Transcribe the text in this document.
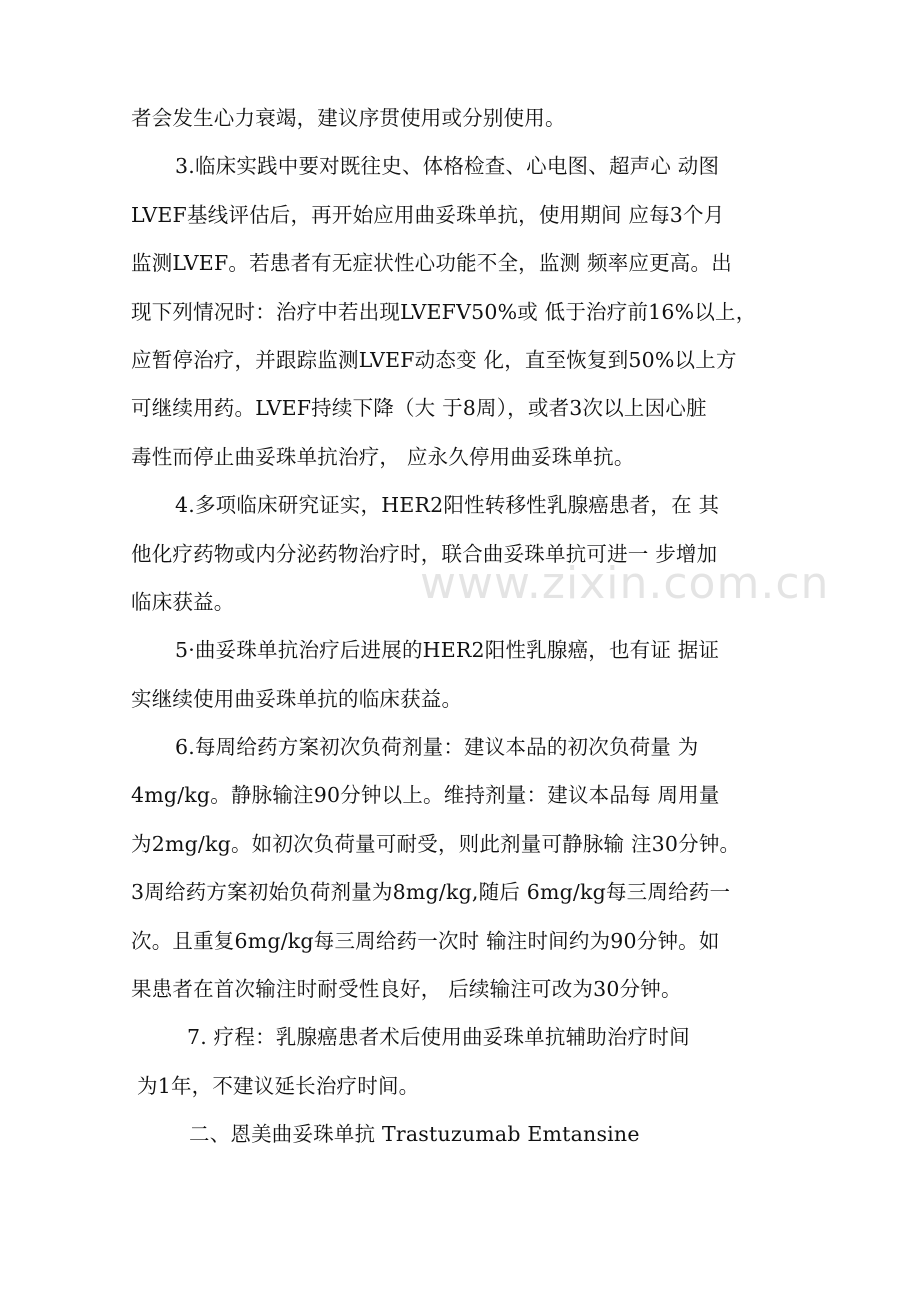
www.zixin.com.cn
者会发生心力衰竭，建议序贯使用或分别使用。
3.临床实践中要对既往史、体格检查、心电图、超声心 动图
LVEF基线评估后，再开始应用曲妥珠单抗，使用期间 应每3个月
监测LVEF。若患者有无症状性心功能不全，监测 频率应更高。出
现下列情况时：治疗中若出现LVEFV50%或 低于治疗前16%以上，
应暂停治疗，并跟踪监测LVEF动态变 化，直至恢复到50%以上方
可继续用药。LVEF持续下降（大 于8周），或者3次以上因心脏
毒性而停止曲妥珠单抗治疗， 应永久停用曲妥珠单抗。
4.多项临床研究证实，HER2阳性转移性乳腺癌患者，在 其
他化疗药物或内分泌药物治疗时，联合曲妥珠单抗可进一 步增加
临床获益。
5·曲妥珠单抗治疗后进展的HER2阳性乳腺癌，也有证 据证
实继续使用曲妥珠单抗的临床获益。
6.每周给药方案初次负荷剂量：建议本品的初次负荷量 为
4mg/kg。静脉输注90分钟以上。维持剂量：建议本品每 周用量
为2mg/kg。如初次负荷量可耐受，则此剂量可静脉输 注30分钟。
3周给药方案初始负荷剂量为8mg/kg,随后 6mg/kg每三周给药一
次。且重复6mg/kg每三周给药一次时 输注时间约为90分钟。如
果患者在首次输注时耐受性良好， 后续输注可改为30分钟。
7. 疗程：乳腺癌患者术后使用曲妥珠单抗辅助治疗时间
为1年，不建议延长治疗时间。
二、恩美曲妥珠单抗 Trastuzumab Emtansine
